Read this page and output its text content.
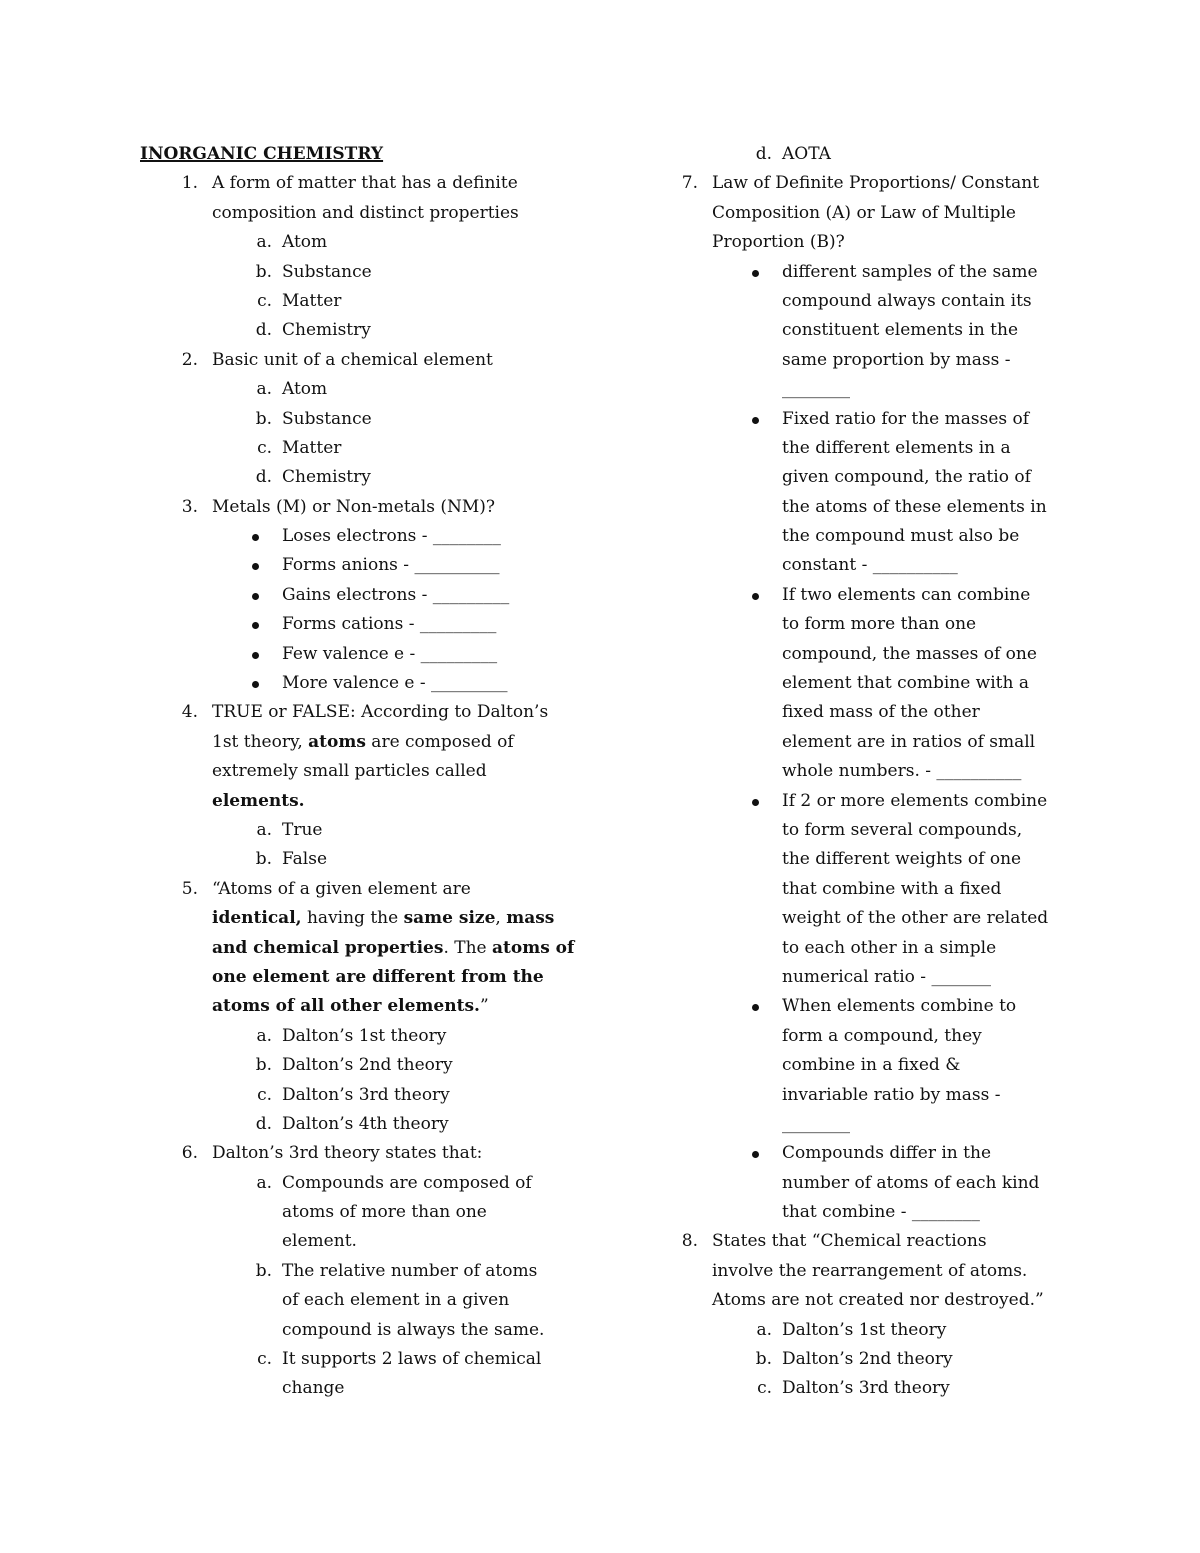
INORGANIC CHEMISTRY
1. A form of matter that has a definite
composition and distinct properties
a. Atom
b. Substance
c. Matter
d. Chemistry
2. Basic unit of a chemical element
a. Atom
b. Substance
c. Matter
d. Chemistry
3. Metals (M) or Non-metals (NM)?
Loses electrons - ________
Forms anions - __________
Gains electrons - _________
Forms cations - _________
Few valence e - _________
More valence e - _________
4. TRUE or FALSE: According to Dalton’s
1st theory, atoms are composed of
extremely small particles called
elements.
a. True
b. False
5. “Atoms of a given element are
identical, having the same size, mass
and chemical properties. The atoms of
one element are different from the
atoms of all other elements.”
a. Dalton’s 1st theory
b. Dalton’s 2nd theory
c. Dalton’s 3rd theory
d. Dalton’s 4th theory
6. Dalton’s 3rd theory states that:
a. Compounds are composed of
atoms of more than one
element.
b. The relative number of atoms
of each element in a given
compound is always the same.
c. It supports 2 laws of chemical
change
d. AOTA
7. Law of Definite Proportions/ Constant
Composition (A) or Law of Multiple
Proportion (B)?
different samples of the same
compound always contain its
constituent elements in the
same proportion by mass -
________
Fixed ratio for the masses of
the different elements in a
given compound, the ratio of
the atoms of these elements in
the compound must also be
constant - __________
If two elements can combine
to form more than one
compound, the masses of one
element that combine with a
fixed mass of the other
element are in ratios of small
whole numbers. - __________
If 2 or more elements combine
to form several compounds,
the different weights of one
that combine with a fixed
weight of the other are related
to each other in a simple
numerical ratio - _______
When elements combine to
form a compound, they
combine in a fixed &
invariable ratio by mass -
________
Compounds differ in the
number of atoms of each kind
that combine - ________
8. States that “Chemical reactions
involve the rearrangement of atoms.
Atoms are not created nor destroyed.”
a. Dalton’s 1st theory
b. Dalton’s 2nd theory
c. Dalton’s 3rd theory
